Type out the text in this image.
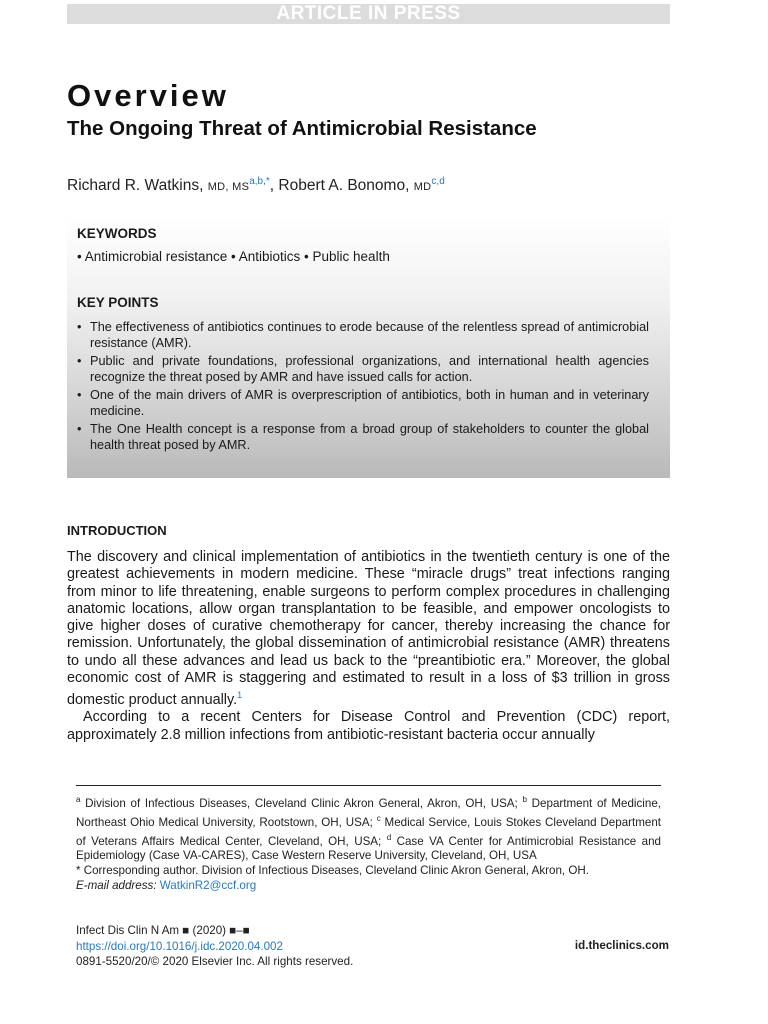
ARTICLE IN PRESS
Overview
The Ongoing Threat of Antimicrobial Resistance
Richard R. Watkins, MD, $MS^{a,b,*}$, Robert A. Bonomo, MD$^{c,d}$
KEYWORDS
• Antimicrobial resistance • Antibiotics • Public health
KEY POINTS
• The effectiveness of antibiotics continues to erode because of the relentless spread of antimicrobial resistance (AMR).
• Public and private foundations, professional organizations, and international health agencies recognize the threat posed by AMR and have issued calls for action.
• One of the main drivers of AMR is overprescription of antibiotics, both in human and in veterinary medicine.
• The One Health concept is a response from a broad group of stakeholders to counter the global health threat posed by AMR.
INTRODUCTION

The discovery and clinical implementation of antibiotics in the twentieth century is one of the greatest achievements in modern medicine. These “miracle drugs” treat infections ranging from minor to life threatening, enable surgeons to perform complex procedures in challenging anatomic locations, allow organ transplantation to be feasible, and empower oncologists to give higher doses of curative chemotherapy for cancer, thereby increasing the chance for remission. Unfortunately, the global dissemination of antimicrobial resistance (AMR) threatens to undo all these advances and lead us back to the “preantibiotic era.” Moreover, the global economic cost of AMR is staggering and estimated to result in a loss of $3 trillion in gross domestic product annually.$^1$

According to a recent Centers for Disease Control and Prevention (CDC) report, approximately 2.8 million infections from antibiotic-resistant bacteria occur annually

$^a$ Division of Infectious Diseases, Cleveland Clinic Akron General, Akron, OH, USA; $^b$ Department of Medicine, Northeast Ohio Medical University, Rootstown, OH, USA; $^c$ Medical Service, Louis Stokes Cleveland Department of Veterans Affairs Medical Center, Cleveland, OH, USA; $^d$ Case VA Center for Antimicrobial Resistance and Epidemiology (Case VA-CARES), Case Western Reserve University, Cleveland, OH, USA

* Corresponding author. Division of Infectious Diseases, Cleveland Clinic Akron General, Akron, OH.

E-mail address: WatkinR2@ccf.org

Infect Dis Clin N Am ■ (2020) ■–■
https://doi.org/10.1016/j.idc.2020.04.002
0891-5520/20/© 2020 Elsevier Inc. All rights reserved.
id.theclinics.com
